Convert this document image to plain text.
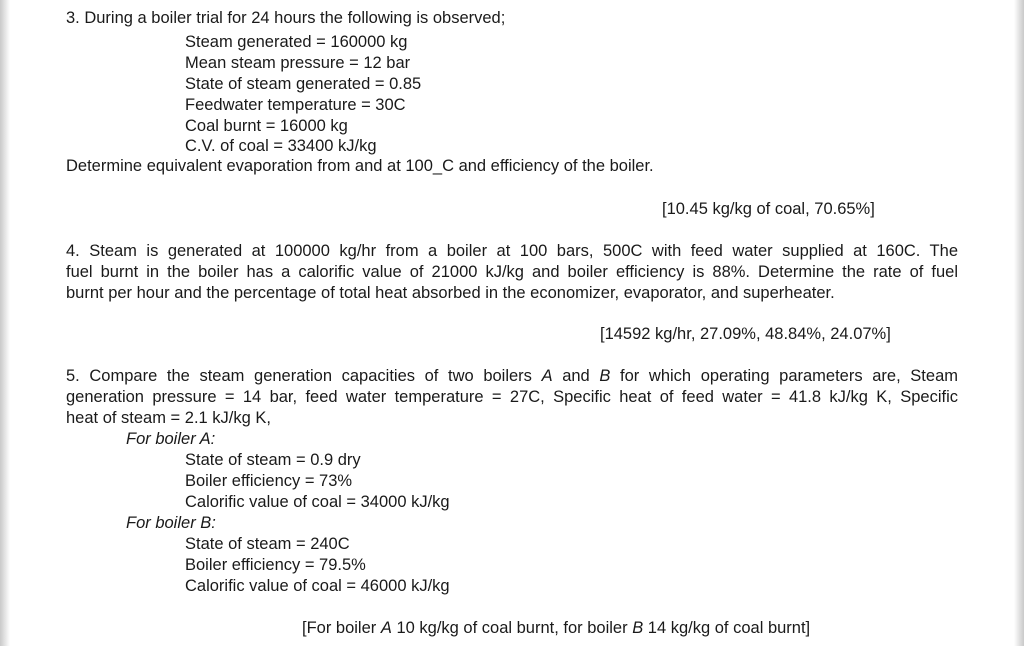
3. During a boiler trial for 24 hours the following is observed;
Steam generated = 160000 kg
Mean steam pressure = 12 bar
State of steam generated = 0.85
Feedwater temperature = 30C
Coal burnt = 16000 kg
C.V. of coal = 33400 kJ/kg
Determine equivalent evaporation from and at 100_C and efficiency of the boiler.
[10.45 kg/kg of coal, 70.65%]
4. Steam is generated at 100000 kg/hr from a boiler at 100 bars, 500C with feed water supplied at 160C. The
fuel burnt in the boiler has a calorific value of 21000 kJ/kg and boiler efficiency is 88%. Determine the rate of fuel
burnt per hour and the percentage of total heat absorbed in the economizer, evaporator, and superheater.
[14592 kg/hr, 27.09%, 48.84%, 24.07%]
5. Compare the steam generation capacities of two boilers A and B for which operating parameters are, Steam
generation pressure = 14 bar, feed water temperature = 27C, Specific heat of feed water = 41.8 kJ/kg K, Specific
heat of steam = 2.1 kJ/kg K,
For boiler A:
State of steam = 0.9 dry
Boiler efficiency = 73%
Calorific value of coal = 34000 kJ/kg
For boiler B:
State of steam = 240C
Boiler efficiency = 79.5%
Calorific value of coal = 46000 kJ/kg
[For boiler A 10 kg/kg of coal burnt, for boiler B 14 kg/kg of coal burnt]
